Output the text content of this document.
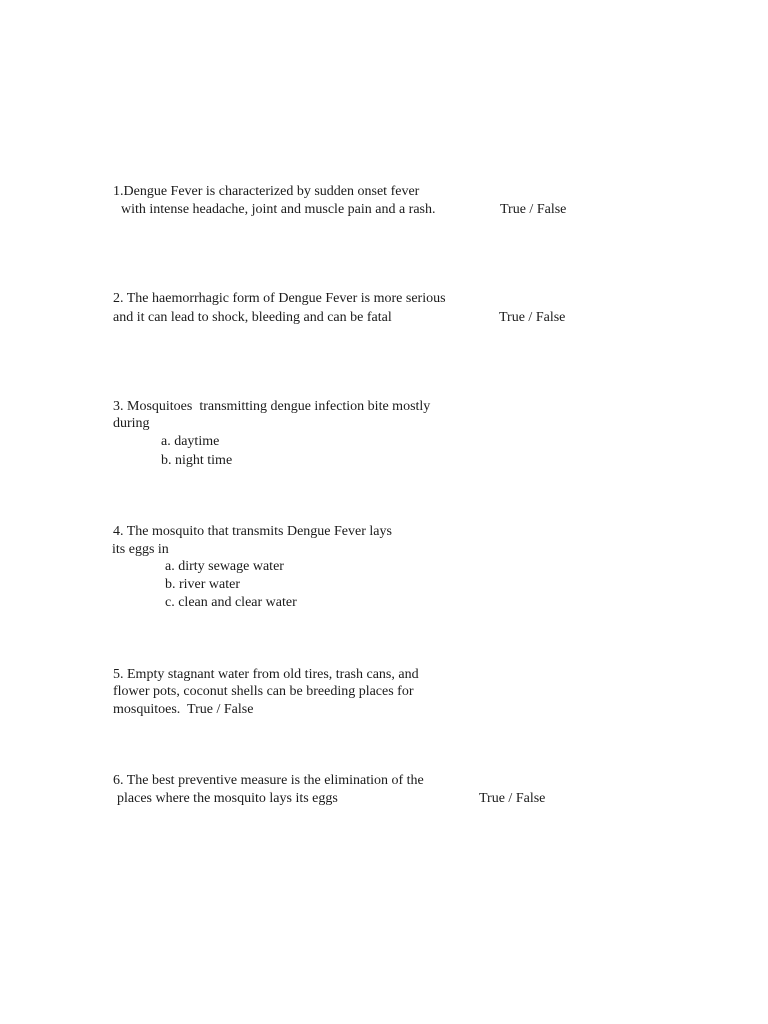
1.Dengue Fever is characterized by sudden onset fever
with intense headache, joint and muscle pain and a rash.	True / False
2. The haemorrhagic form of Dengue Fever is more serious
and it can lead to shock, bleeding and can be fatal	True / False
3. Mosquitoes  transmitting dengue infection bite mostly
during
a. daytime
b. night time
4. The mosquito that transmits Dengue Fever lays
its eggs in
a. dirty sewage water
b. river water
c. clean and clear water
5. Empty stagnant water from old tires, trash cans, and
flower pots, coconut shells can be breeding places for
mosquitoes.  True / False
6. The best preventive measure is the elimination of the
places where the mosquito lays its eggs	True / False
